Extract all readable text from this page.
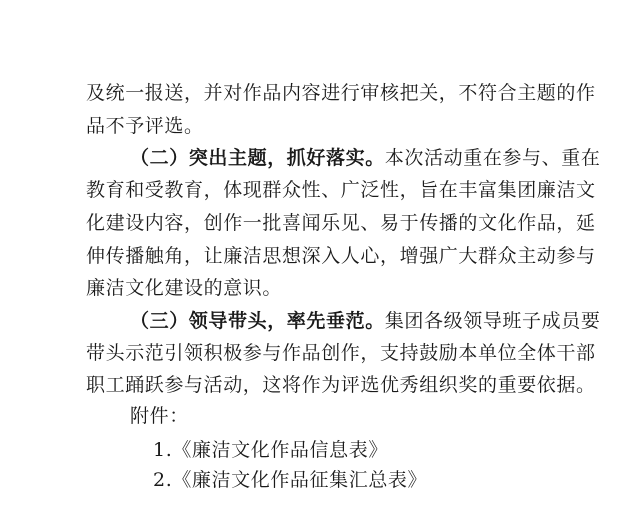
及统一报送，并对作品内容进行审核把关，不符合主题的作
品不予评选。
（二）突出主题，抓好落实。本次活动重在参与、重在
教育和受教育，体现群众性、广泛性，旨在丰富集团廉洁文
化建设内容，创作一批喜闻乐见、易于传播的文化作品，延
伸传播触角，让廉洁思想深入人心，增强广大群众主动参与
廉洁文化建设的意识。
（三）领导带头，率先垂范。集团各级领导班子成员要
带头示范引领积极参与作品创作，支持鼓励本单位全体干部
职工踊跃参与活动，这将作为评选优秀组织奖的重要依据。
附件：
1.《廉洁文化作品信息表》
2.《廉洁文化作品征集汇总表》
